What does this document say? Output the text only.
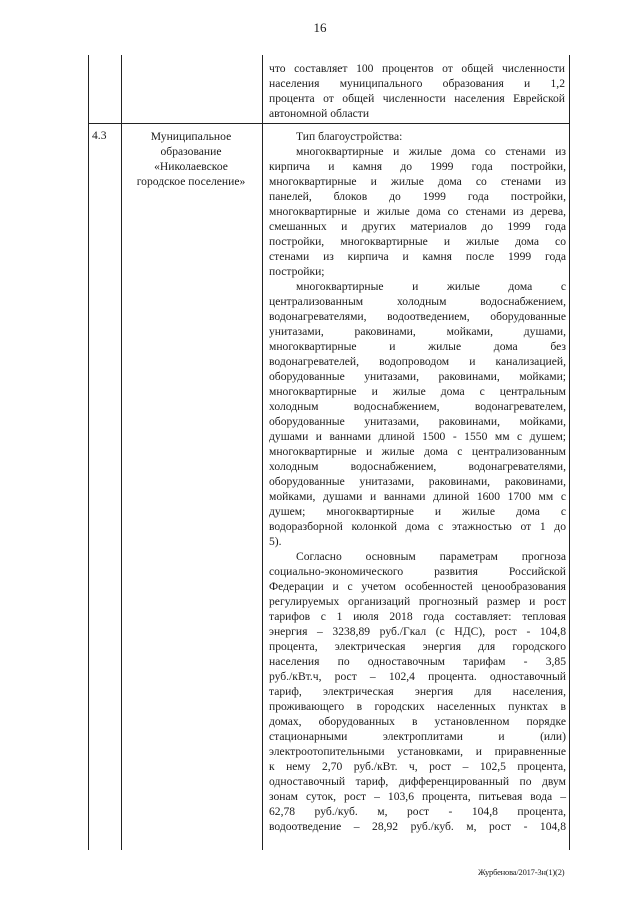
16
что составляет 100 процентов от общей численности
населения муниципального образования и 1,2
процента от общей численности населения Еврейской
автономной области
4.3	Муниципальное
образование
«Николаевское
городское поселение»
Тип благоустройства:
многоквартирные и жилые дома со стенами из
кирпича и камня до 1999 года постройки,
многоквартирные и жилые дома со стенами из
панелей, блоков до 1999 года постройки,
многоквартирные и жилые дома со стенами из дерева,
смешанных и других материалов до 1999 года
постройки, многоквартирные и жилые дома со
стенами из кирпича и камня после 1999 года
постройки;
многоквартирные и жилые дома с
централизованным холодным водоснабжением,
водонагревателями, водоотведением, оборудованные
унитазами, раковинами, мойками, душами,
многоквартирные и жилые дома без
водонагревателей, водопроводом и канализацией,
оборудованные унитазами, раковинами, мойками;
многоквартирные и жилые дома с центральным
холодным водоснабжением, водонагревателем,
оборудованные унитазами, раковинами, мойками,
душами и ваннами длиной 1500 - 1550 мм с душем;
многоквартирные и жилые дома с централизованным
холодным водоснабжением, водонагревателями,
оборудованные унитазами, раковинами, раковинами,
мойками, душами и ваннами длиной 1600 1700 мм с
душем; многоквартирные и жилые дома с
водоразборной колонкой дома с этажностью от 1 до
5).
Согласно основным параметрам прогноза
социально-экономического развития Российской
Федерации и с учетом особенностей ценообразования
регулируемых организаций прогнозный размер и рост
тарифов с 1 июля 2018 года составляет: тепловая
энергия – 3238,89 руб./Гкал (с НДС), рост - 104,8
процента, электрическая энергия для городского
населения по одноставочным тарифам - 3,85
руб./кВт.ч, рост – 102,4 процента. одноставочный
тариф, электрическая энергия для населения,
проживающего в городских населенных пунктах в
домах, оборудованных в установленном порядке
стационарными электроплитами и (или)
электроотопительными установками, и приравненные
к нему 2,70 руб./кВт. ч, рост – 102,5 процента,
одноставочный тариф, дифференцированный по двум
зонам суток, рост – 103,6 процента, питьевая вода –
62,78 руб./куб. м, рост - 104,8 процента,
водоотведение – 28,92 руб./куб. м, рост - 104,8
Журбенова/2017-3н(1)(2)
